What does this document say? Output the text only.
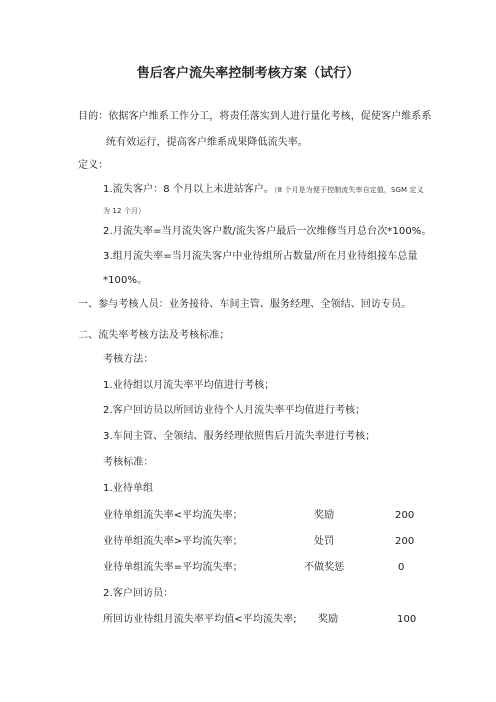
售后客户流失率控制考核方案（试行）
目的：依据客户维系工作分工，将责任落实到人进行量化考核，促使客户维系系
统有效运行，提高客户维系成果降低流失率。
定义：
1.流失客户：8 个月以上未进站客户。（8 个月是为便于控制流失率自定值，SGM 定义
为 12 个月）
2.月流失率=当月流失客户数/流失客户最后一次维修当月总台次*100%。
3.组月流失率=当月流失客户中业待组所占数量/所在月业待组接车总量
*100%。
一、参与考核人员：业务接待、车间主管、服务经理、全领结、回访专员。
二、流失率考核方法及考核标准；
考核方法：
1.业待组以月流失率平均值进行考核；
2.客户回访员以所回访业待个人月流失率平均值进行考核；
3.车间主管、全领结、服务经理依照售后月流失率进行考核；
考核标准：
1.业待单组
业待单组流失率<平均流失率；	奖励	200
业待单组流失率>平均流失率；	处罚	200
业待单组流失率=平均流失率；	不做奖惩	0
2.客户回访员：
所回访业待组月流失率平均值<平均流失率; 奖励	100
